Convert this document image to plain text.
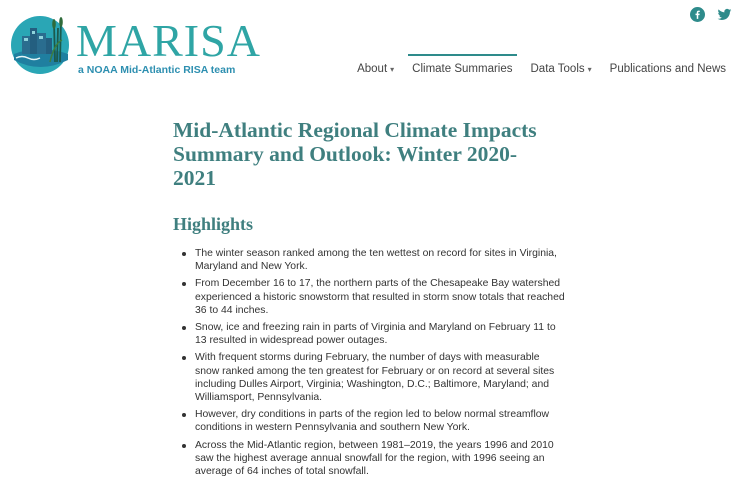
MARISA
a NOAA Mid-Atlantic RISA team	About ▾ Climate Summaries Data Tools ▾ Publications and News
Mid-Atlantic Regional Climate Impacts
Summary and Outlook: Winter 2020-
2021
Highlights
The winter season ranked among the ten wettest on record for sites in Virginia, Maryland and New York.
From December 16 to 17, the northern parts of the Chesapeake Bay watershed experienced a historic snowstorm that resulted in storm snow totals that reached 36 to 44 inches.
Snow, ice and freezing rain in parts of Virginia and Maryland on February 11 to 13 resulted in widespread power outages.
With frequent storms during February, the number of days with measurable snow ranked among the ten greatest for February or on record at several sites including Dulles Airport, Virginia; Washington, D.C.; Baltimore, Maryland; and Williamsport, Pennsylvania.
However, dry conditions in parts of the region led to below normal streamflow conditions in western Pennsylvania and southern New York.
Across the Mid-Atlantic region, between 1981–2019, the years 1996 and 2010 saw the highest average annual snowfall for the region, with 1996 seeing an average of 64 inches of total snowfall.
